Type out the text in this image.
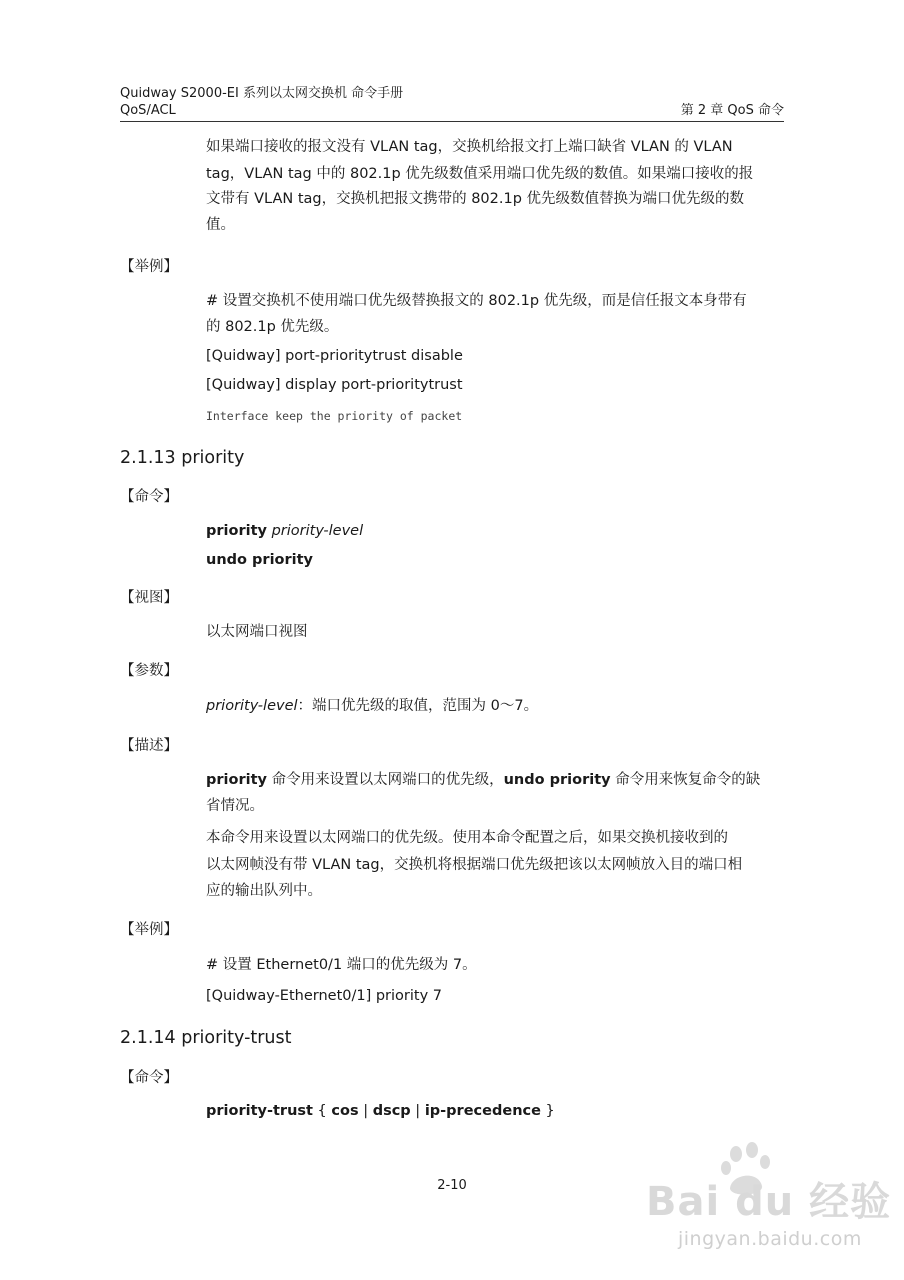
Quidway S2000-EI 系列以太网交换机 命令手册
QoS/ACL	第 2 章 QoS 命令
如果端口接收的报文没有 VLAN tag，交换机给报文打上端口缺省 VLAN 的 VLAN
tag，VLAN tag 中的 802.1p 优先级数值采用端口优先级的数值。如果端口接收的报
文带有 VLAN tag，交换机把报文携带的 802.1p 优先级数值替换为端口优先级的数
值。
【举例】
# 设置交换机不使用端口优先级替换报文的 802.1p 优先级，而是信任报文本身带有
的 802.1p 优先级。
[Quidway] port-prioritytrust disable
[Quidway] display port-prioritytrust
Interface keep the priority of packet
2.1.13 priority
【命令】
priority priority-level
undo priority
【视图】
以太网端口视图
【参数】
priority-level：端口优先级的取值，范围为 0～7。
【描述】
priority 命令用来设置以太网端口的优先级，undo priority 命令用来恢复命令的缺
省情况。
本命令用来设置以太网端口的优先级。使用本命令配置之后，如果交换机接收到的
以太网帧没有带 VLAN tag，交换机将根据端口优先级把该以太网帧放入目的端口相
应的输出队列中。
【举例】
# 设置 Ethernet0/1 端口的优先级为 7。
[Quidway-Ethernet0/1] priority 7
2.1.14 priority-trust
【命令】
priority-trust { cos | dscp | ip-precedence }
2-10	Bai du 经验
jingyan.baidu.com
